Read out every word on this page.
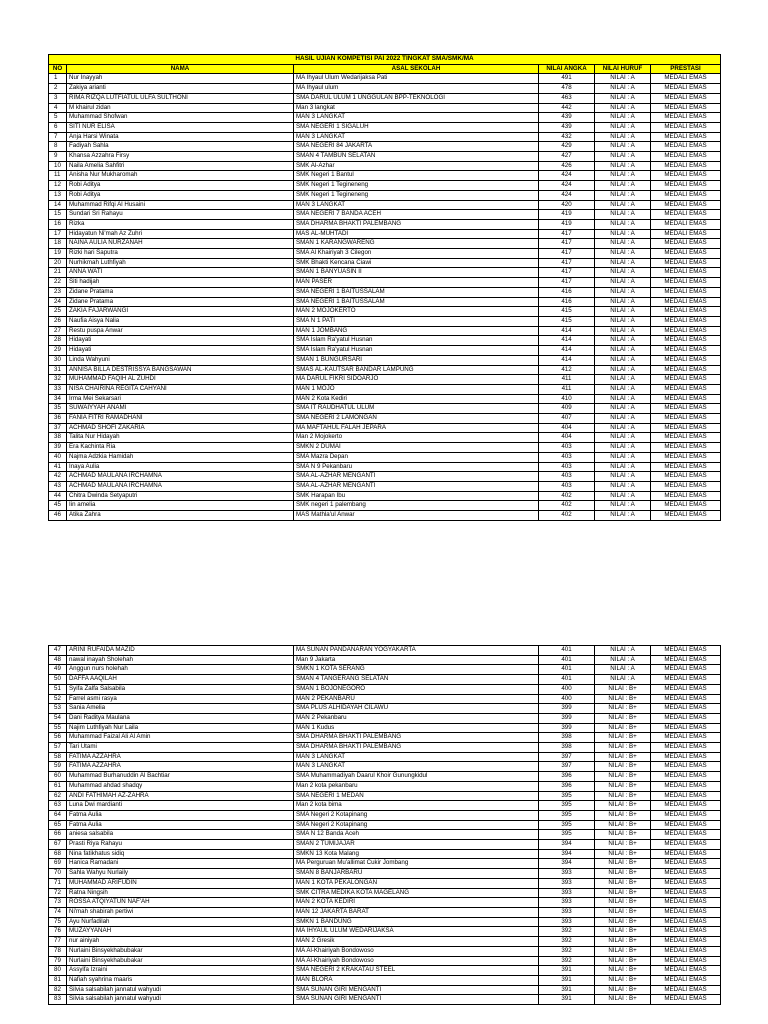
HASIL UJIAN KOMPETISI PAI 2022 TINGKAT SMA/SMK/MA					
NO	NAMA	ASAL SEKOLAH	NILAI ANGKA	NILAI HURUF	PRESTASI
1	Nur Inayyah	MA Ihyaul Ulum Wedarijaksa Pati	491	NILAI : A	MEDALI EMAS
2	Zakiya arianti	MA Ihyaul ulum	478	NILAI : A	MEDALI EMAS
3	RIMA RIZQA LUTFIATUL ULFA SULTHONI	SMA DARUL ULUM 1 UNGGULAN BPP-TEKNOLOGI	463	NILAI : A	MEDALI EMAS
4	M khairul zidan	Man 3 langkat	442	NILAI : A	MEDALI EMAS
5	Muhammad Shofwan	MAN 3 LANGKAT	439	NILAI : A	MEDALI EMAS
6	SITI NUR ELISA	SMA NEGERI 1 SIGALUH	439	NILAI : A	MEDALI EMAS
7	Anja Harsi Winata	MAN 3 LANGKAT	432	NILAI : A	MEDALI EMAS
8	Fadiyah Sahla	SMA NEGERI 84 JAKARTA	429	NILAI : A	MEDALI EMAS
9	Khansa Azzahra Firsy	SMAN 4 TAMBUN SELATAN	427	NILAI : A	MEDALI EMAS
10	Naila Amelia Sahfitri	SMK Al-Azhar	426	NILAI : A	MEDALI EMAS
11	Anisha Nur Mukharomah	SMK Negeri 1 Bantul	424	NILAI : A	MEDALI EMAS
12	Robi Aditya	SMK Negeri 1 Tegineneng	424	NILAI : A	MEDALI EMAS
13	Robi Aditya	SMK Negeri 1 Tegineneng	424	NILAI : A	MEDALI EMAS
14	Muhammad Rifqi Al Husaini	MAN 3 LANGKAT	420	NILAI : A	MEDALI EMAS
15	Sundari Sri Rahayu	SMA NEGERI 7 BANDA ACEH	419	NILAI : A	MEDALI EMAS
16	Rizka	SMA DHARMA BHAKTI PALEMBANG	419	NILAI : A	MEDALI EMAS
17	Hidayatun Ni'mah Az Zuhri	MAS AL-MUHTADI	417	NILAI : A	MEDALI EMAS
18	NAINA AULIA NURZANAH	SMAN 1 KARANGWARENG	417	NILAI : A	MEDALI EMAS
19	Rizki hari Saputra	SMA Al Khairiyah 3 Cilegon	417	NILAI : A	MEDALI EMAS
20	Nurhikmah Luthfiyah	SMK Bhakti Kencana Ciawi	417	NILAI : A	MEDALI EMAS
21	ANNA WATI	SMAN 1 BANYUASIN II	417	NILAI : A	MEDALI EMAS
22	Siti hadijah	MAN PASER	417	NILAI : A	MEDALI EMAS
23	Zidane Pratama	SMA NEGERI 1 BAITUSSALAM	416	NILAI : A	MEDALI EMAS
24	Zidane Pratama	SMA NEGERI 1 BAITUSSALAM	416	NILAI : A	MEDALI EMAS
25	ZAKIA FAJARWANGI	MAN 2 MOJOKERTO	415	NILAI : A	MEDALI EMAS
26	Naufia Aisya Nalia	SMA N 1 PATI	415	NILAI : A	MEDALI EMAS
27	Restu puspa Anwar	MAN 1 JOMBANG	414	NILAI : A	MEDALI EMAS
28	Hidayati	SMA Islam Ra'yatul Husnan	414	NILAI : A	MEDALI EMAS
29	Hidayati	SMA Islam Ra'yatul Husnan	414	NILAI : A	MEDALI EMAS
30	Linda Wahyuni	SMAN 1 BUNGURSARI	414	NILAI : A	MEDALI EMAS
31	ANNISA BILLA DESTRISSYA BANGSAWAN	SMAS AL-KAUTSAR BANDAR LAMPUNG	412	NILAI : A	MEDALI EMAS
32	MUHAMMAD FAQIH AL ZUHDI	MA DARUL FIKRI SIDOARJO	411	NILAI : A	MEDALI EMAS
33	NISA CHAIRINA REGITA CAHYANI	MAN 1 MOJO	411	NILAI : A	MEDALI EMAS
34	Irma Mei Sekarsari	MAN 2 Kota Kediri	410	NILAI : A	MEDALI EMAS
35	SUWAIYYAH ANAMI	SMA IT RAUDHATUL ULUM	409	NILAI : A	MEDALI EMAS
36	FANIA FITRI RAMADHANI	SMA NEGERI 2 LAMONGAN	407	NILAI : A	MEDALI EMAS
37	ACHMAD SHOFI ZAKARIA	MA MAFTAHUL FALAH JEPARA	404	NILAI : A	MEDALI EMAS
38	Talita Nur Hidayah	Man 2 Mojokerto	404	NILAI : A	MEDALI EMAS
39	Era Kachinta Ria	SMKN 2 DUMAI	403	NILAI : A	MEDALI EMAS
40	Najma Adzkia Hamidah	SMA Mazra Depan	403	NILAI : A	MEDALI EMAS
41	Inaya Aulia	SMA N 9 Pekanbaru	403	NILAI : A	MEDALI EMAS
42	ACHMAD MAULANA IRCHAMNA	SMA AL-AZHAR MENGANTI	403	NILAI : A	MEDALI EMAS
43	ACHMAD MAULANA IRCHAMNA	SMA AL-AZHAR MENGANTI	403	NILAI : A	MEDALI EMAS
44	Chitra Dwinda Setyaputri	SMK Harapan Ibu	402	NILAI : A	MEDALI EMAS
45	Iin amelia	SMK negeri 1 palembang	402	NILAI : A	MEDALI EMAS
46	Atika Zahra	MAS Mathla'ul Anwar	402	NILAI : A	MEDALI EMAS
47	ARINI RUFAIDA MAZID	MA SUNAN PANDANARAN YOGYAKARTA	401	NILAI : A	MEDALI EMAS
48	nawal inayah Sholehah	Man 9 Jakarta	401	NILAI : A	MEDALI EMAS
49	Anggun nurs holehah	SMKN 1 KOTA SERANG	401	NILAI : A	MEDALI EMAS
50	DAFFA AAQILAH	SMAN 4 TANGERANG SELATAN	401	NILAI : A	MEDALI EMAS
51	Syifa Zalfa Salsabila	SMAN 1 BOJONEGORO	400	NILAI : B+	MEDALI EMAS
52	Farrel asmi rasya	MAN 2 PEKANBARU	400	NILAI : B+	MEDALI EMAS
53	Sania Amelia	SMA PLUS ALHIDAYAH CILAWU	399	NILAI : B+	MEDALI EMAS
54	Dani Raditya Maulana	MAN 2 Pekanbaru	399	NILAI : B+	MEDALI EMAS
55	Najim Luthfiyah Nur Laila	MAN 1 Kudus	399	NILAI : B+	MEDALI EMAS
56	Muhammad Faizal Ali Al Amin	SMA DHARMA BHAKTI PALEMBANG	398	NILAI : B+	MEDALI EMAS
57	Tari Utami	SMA DHARMA BHAKTI PALEMBANG	398	NILAI : B+	MEDALI EMAS
58	FATIMA AZZAHRA	MAN 3 LANGKAT	397	NILAI : B+	MEDALI EMAS
59	FATIMA AZZAHRA	MAN 3 LANGKAT	397	NILAI : B+	MEDALI EMAS
60	Muhammad Burhanuddin Al Bachtiar	SMA Muhammadiyah Daarul Khoir Gunungkidul	396	NILAI : B+	MEDALI EMAS
61	Muhammad ahdad shadqy	Man 2 kota pekanbaru	396	NILAI : B+	MEDALI EMAS
62	ANDI FATHIMAH AZ-ZAHRA	SMA NEGERI 1 MEDAN	395	NILAI : B+	MEDALI EMAS
63	Luna Dwi mardianti	Man 2 kota bima	395	NILAI : B+	MEDALI EMAS
64	Fatma Aulia	SMA Negeri 2 Kotapinang	395	NILAI : B+	MEDALI EMAS
65	Fatma Aulia	SMA Negeri 2 Kotapinang	395	NILAI : B+	MEDALI EMAS
66	aniesa salsabila	SMA N 12 Banda Aceh	395	NILAI : B+	MEDALI EMAS
67	Prasti Riya Rahayu	SMAN 2 TUMIJAJAR	394	NILAI : B+	MEDALI EMAS
68	Nina fatikhatus sidiq	SMKN 13 Kota Malang	394	NILAI : B+	MEDALI EMAS
69	Hanica Ramadani	MA Perguruan Mu'allimat Cukir Jombang	394	NILAI : B+	MEDALI EMAS
70	Sahla Wahyu Nurlaily	SMAN 8 BANJARBARU	393	NILAI : B+	MEDALI EMAS
71	MUHAMMAD ARIFUDIN	MAN 1 KOTA PEKALONGAN	393	NILAI : B+	MEDALI EMAS
72	Ratna Ningsih	SMK CITRA MEDIKA KOTA MAGELANG	393	NILAI : B+	MEDALI EMAS
73	ROSSA ATQIYATUN NAF'AH	MAN 2 KOTA KEDIRI	393	NILAI : B+	MEDALI EMAS
74	Ni'mah shabirah pertiwi	MAN 12 JAKARTA BARAT	393	NILAI : B+	MEDALI EMAS
75	Ayu Nurfadilah	SMKN 1 BANDUNG	393	NILAI : B+	MEDALI EMAS
76	MUZAYYANAH	MA IHYAUL ULUM WEDARIJAKSA	392	NILAI : B+	MEDALI EMAS
77	nur ainiyah	MAN 2 Gresik	392	NILAI : B+	MEDALI EMAS
78	Nurlaini Binsyekhabubakar	MA Al-Khairiyah Bondowoso	392	NILAI : B+	MEDALI EMAS
79	Nurlaini Binsyekhabubakar	MA Al-Khairiyah Bondowoso	392	NILAI : B+	MEDALI EMAS
80	Assyifa Izraini	SMA NEGERI 2 KRAKATAU STEEL	391	NILAI : B+	MEDALI EMAS
81	Nafiah syahrina maaris	MAN BLORA	391	NILAI : B+	MEDALI EMAS
82	Silvia salsabilah jannatul wahyudi	SMA SUNAN GIRI MENGANTI	391	NILAI : B+	MEDALI EMAS
83	Silvia salsabilah jannatul wahyudi	SMA SUNAN GIRI MENGANTI	391	NILAI : B+	MEDALI EMAS
